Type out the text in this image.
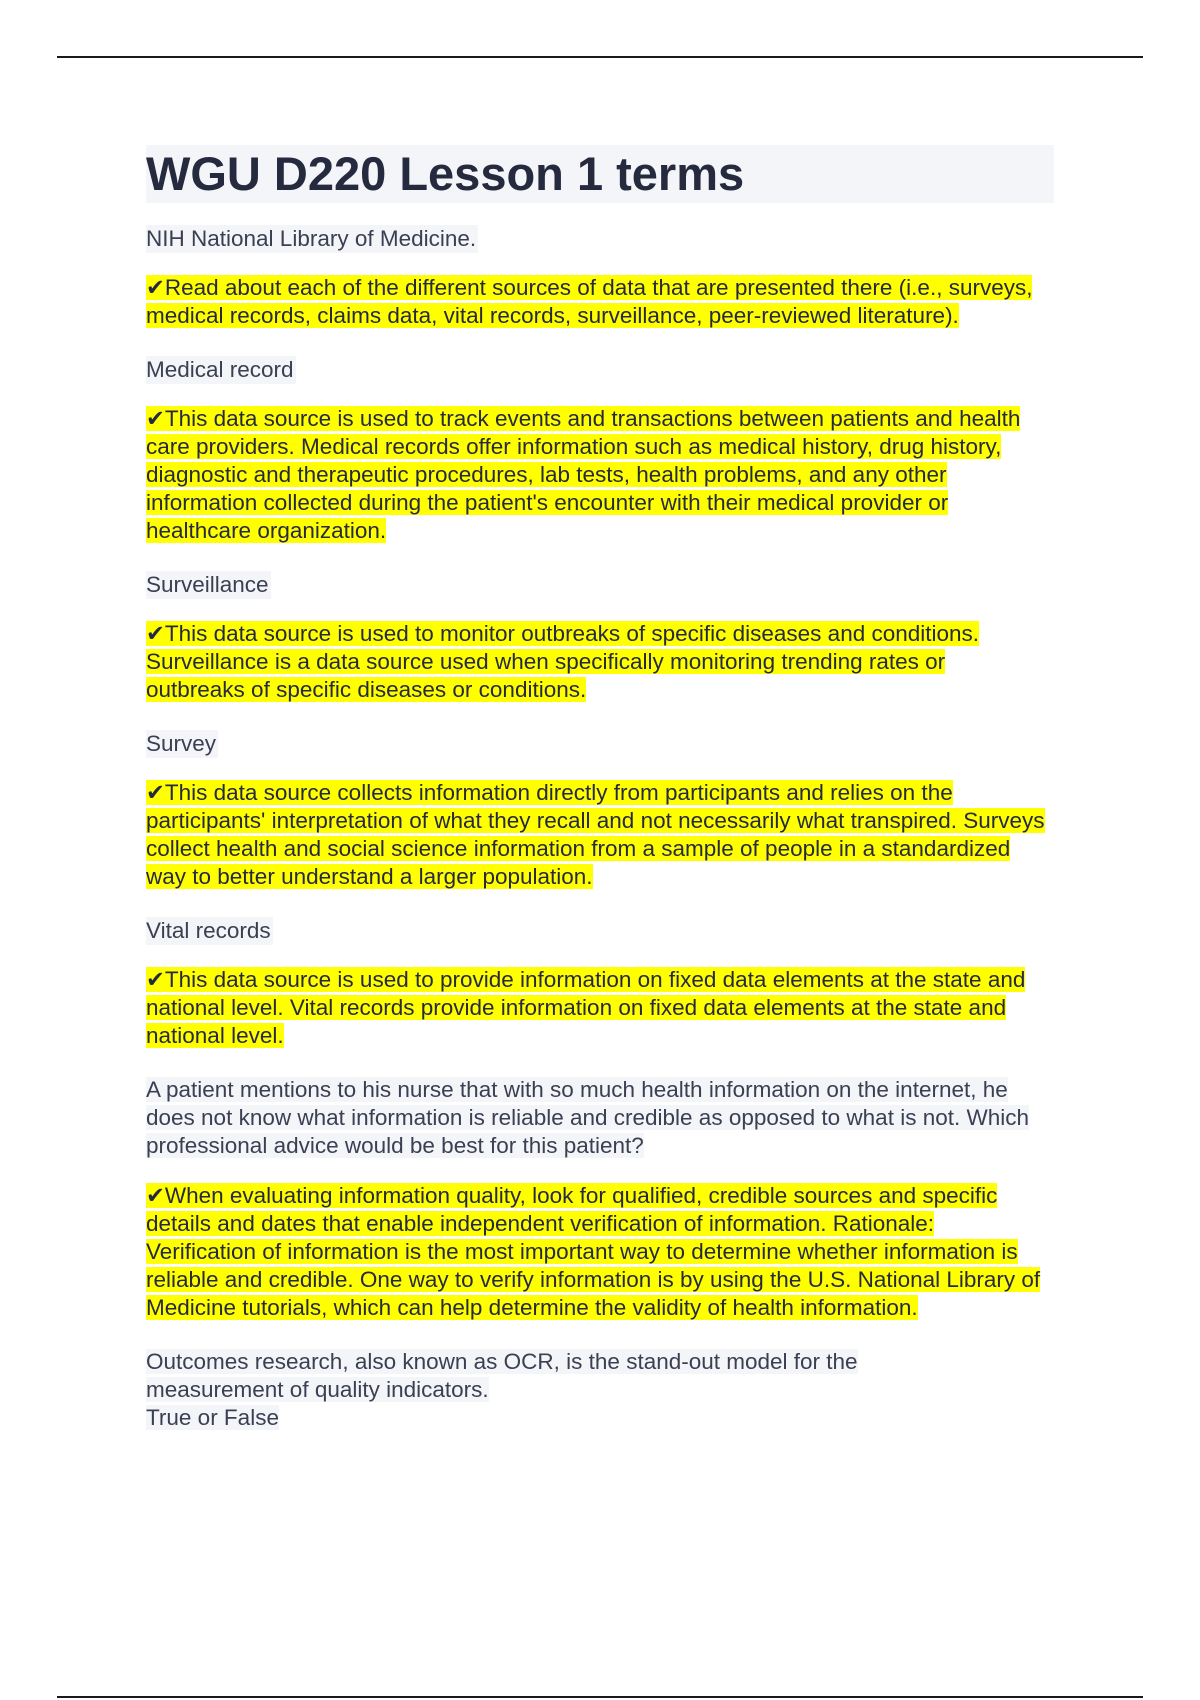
WGU D220 Lesson 1 terms
NIH National Library of Medicine.
✔Read about each of the different sources of data that are presented there (i.e., surveys, medical records, claims data, vital records, surveillance, peer-reviewed literature).
Medical record
✔This data source is used to track events and transactions between patients and health care providers. Medical records offer information such as medical history, drug history, diagnostic and therapeutic procedures, lab tests, health problems, and any other information collected during the patient's encounter with their medical provider or healthcare organization.
Surveillance
✔This data source is used to monitor outbreaks of specific diseases and conditions. Surveillance is a data source used when specifically monitoring trending rates or outbreaks of specific diseases or conditions.
Survey
✔This data source collects information directly from participants and relies on the participants' interpretation of what they recall and not necessarily what transpired. Surveys collect health and social science information from a sample of people in a standardized way to better understand a larger population.
Vital records
✔This data source is used to provide information on fixed data elements at the state and national level. Vital records provide information on fixed data elements at the state and national level.
A patient mentions to his nurse that with so much health information on the internet, he does not know what information is reliable and credible as opposed to what is not. Which professional advice would be best for this patient?
✔When evaluating information quality, look for qualified, credible sources and specific details and dates that enable independent verification of information. Rationale: Verification of information is the most important way to determine whether information is reliable and credible. One way to verify information is by using the U.S. National Library of Medicine tutorials, which can help determine the validity of health information.
Outcomes research, also known as OCR, is the stand-out model for the measurement of quality indicators.
True or False
